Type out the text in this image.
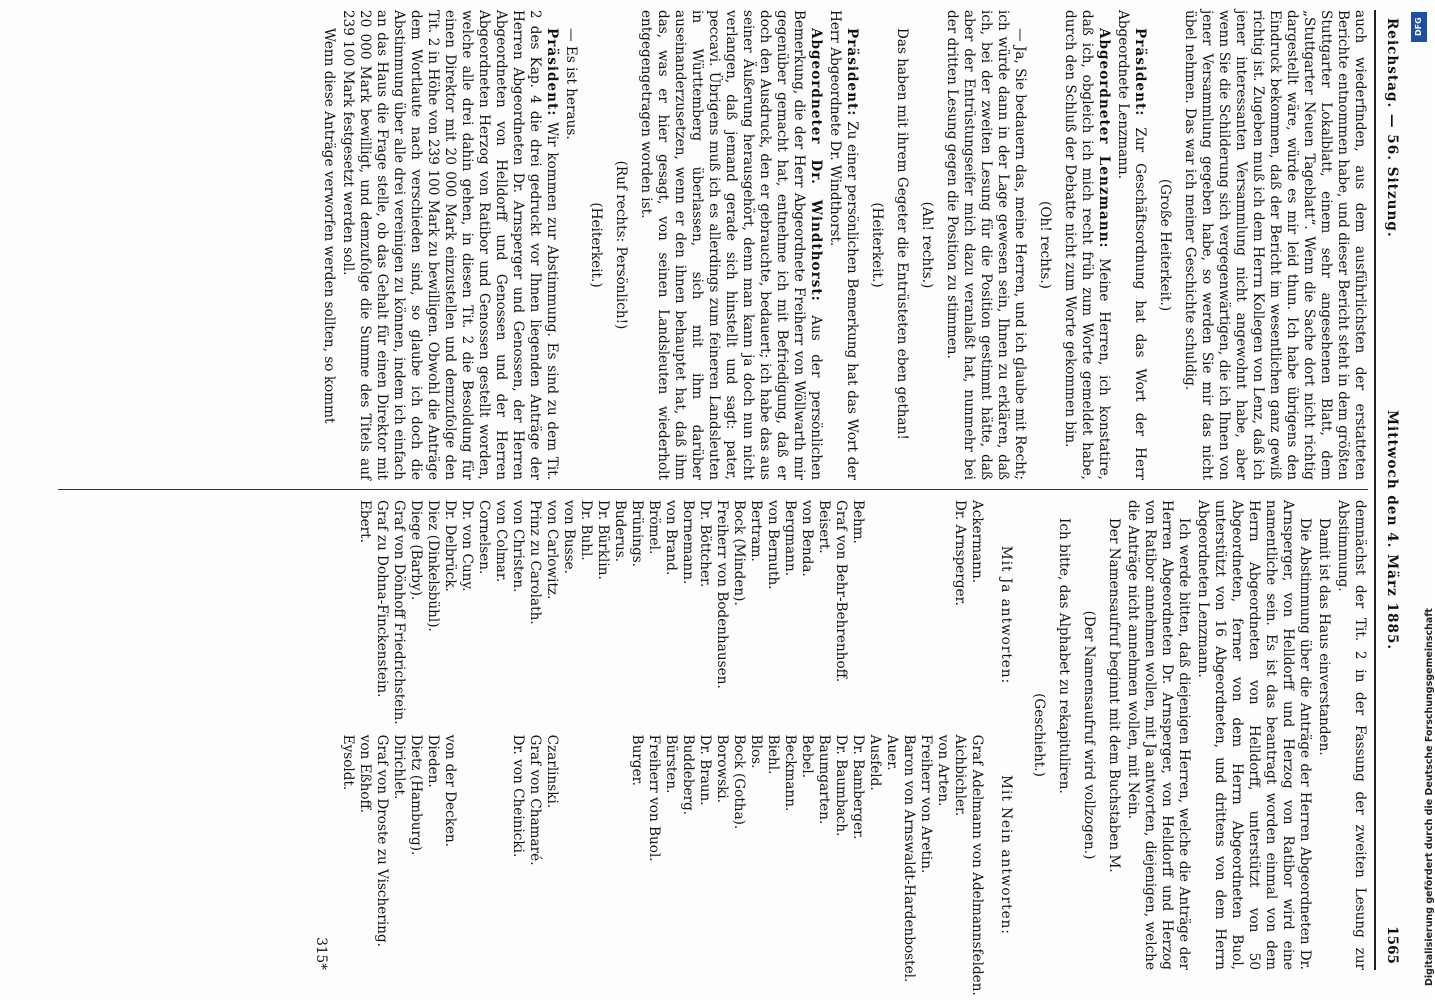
Reichstag. — 56. Sitzung.
Mittwoch den 4. März 1885.
1565

auch wiederfinden, aus dem ausführlichsten der erstatteten Berichte entnommen habe, und dieser Bericht steht in dem größten Stuttgarter Lokalblatt, einem sehr angesehenen Blatt, dem „Stuttgarter Neuen Tageblatt“. Wenn die Sache dort nicht richtig dargestellt wäre, würde es mir leid thun. Ich habe übrigens den Eindruck bekommen, daß der Bericht im wesentlichen ganz gewiß richtig ist. Zugeben muß ich dem Herrn Kollegen von Lenz, daß ich jener interessanten Versammlung nicht angewohnt habe, aber wenn Sie die Schilderung sich vergegenwärtigen, die ich Ihnen von jener Versammlung gegeben habe, so werden Sie mir das nicht übel nehmen. Das war ich meiner Geschichte schuldig.

(Große Heiterkeit.)

Präsident: Zur Geschäftsordnung hat das Wort der Herr Abgeordnete Lenzmann.

Abgeordneter Lenzmann: Meine Herren, ich konstatire, daß ich, obgleich ich mich recht früh zum Worte gemeldet habe, durch den Schluß der Debatte nicht zum Worte gekommen bin.

(Oh! rechts.)

— Ja, Sie bedauern das, meine Herren, und ich glaube mit Recht; ich würde dann in der Lage gewesen sein, Ihnen zu erklären, daß ich, bei der zweiten Lesung für die Position gestimmt hätte, daß aber der Entrüstungseifer mich dazu veranlaßt hat, nunmehr bei der dritten Lesung gegen die Position zu stimmen.

(Ah! rechts.)

Das haben mit ihrem Gegeter die Entrüsteten eben gethan!

(Heiterkeit.)

Präsident: Zu einer persönlichen Bemerkung hat das Wort der Herr Abgeordnete Dr. Windthorst.

Abgeordneter Dr. Windthorst: Aus der persönlichen Bemerkung, die der Herr Abgeordnete Freiherr von Wöllwarth mir gegenüber gemacht hat, entnehme ich mit Befriedigung, daß er doch den Ausdruck, den er gebrauchte, bedauert; ich habe das aus seiner Äußerung herausgehört, denn man kann ja doch nun nicht verlangen, daß jemand gerade sich hinstellt und sagt: pater, peccavi. Übrigens muß ich es allerdings zum feineren Landsleuten in Württemberg überlassen, sich mit ihm darüber auseinanderzusetzen, wenn er den ihnen behauptet hat, daß ihm das, was er hier gesagt, von seinen Landsleuten wiederholt entgegengetragen worden ist.

(Ruf rechts: Persönlich!)

(Heiterkeit.)

— Es ist heraus.

Präsident: Wir kommen zur Abstimmung. Es sind zu dem Tit. 2 des Kap. 4 die drei gedruckt vor Ihnen liegenden Anträge der Herren Abgeordneten Dr. Arnsperger und Genossen, der Herren Abgeordneten von Helldorff und Genossen und der Herren Abgeordneten Herzog von Ratibor und Genossen gestellt worden, welche alle drei dahin gehen, in diesen Tit. 2 die Besoldung für einen Direktor mit 20 000 Mark einzustellen und demzufolge den Tit. 2 in Höhe von 239 100 Mark zu bewilligen. Obwohl die Anträge dem Wortlaute nach verschieden sind, so glaube ich doch die Abstimmung über alle drei vereinigen zu können, indem ich einfach an das Haus die Frage stelle, ob das Gehalt für einen Direktor mit 20 000 Mark bewilligt, und demzufolge die Summe des Titels auf 239 100 Mark festgesetzt werden soll.

Wenn diese Anträge verworfen werden sollten, so kommt

demnächst der Tit. 2 in der Fassung der zweiten Lesung zur Abstimmung.

Damit ist das Haus einverstanden.

Die Abstimmung über die Anträge der Herren Abgeordneten Dr. Arnsperger, von Helldorff und Herzog von Ratibor wird eine namentliche sein. Es ist das beantragt worden einmal von dem Herrn Abgeordneten von Helldorff, unterstützt von 50 Abgeordneten, ferner von dem Herrn Abgeordneten Buol, unterstützt von 16 Abgeordneten, und drittens von dem Herrn Abgeordneten Lenzmann.

Ich werde bitten, daß diejenigen Herren, welche die Anträge der Herren Abgeordneten Dr. Arnsperger, von Helldorff und Herzog von Ratibor annehmen wollen, mit Ja antworten, diejenigen, welche die Anträge nicht annehmen wollen, mit Nein.

Der Namensaufruf beginnt mit dem Buchstaben M.

(Der Namensaufruf wird vollzogen.)

Ich bitte, das Alphabet zu rekapituliren.

(Geschieht.)

Mit Ja antworten:
Mit Nein antworten:
Ackermann.
Graf Adelmann von Adelmannsfelden.
Dr. Arnsperger.
Aichbichler.
von Arten.
Freiherr von Aretin.
Baron von Arnswaldt-Hardenbostel.
Auer.
Ausfeld.
Behm.
Dr. Bamberger.
Graf von Behr-Behrenhoff.
Dr. Baumbach.
Beisert.
Baumgarten.
von Benda.
Bebel.
Bergmann.
Beckmann.
von Bernuth.
Biehl.
Bertram.
Blos.
Bock (Minden).
Bock (Gotha).
Freiherr von Bodenhausen.
Borowski.
Dr. Böttcher.
Dr. Braun.
Bornemann.
Buddeberg.
von Brand.
Bürsten.
Brömel.
Freiherr von Buol.
Brünings.
Burger.
Buderus.
Dr. Bürklin.
Dr. Buhl.
von Busse.
von Carlowitz.
Czarlinski.
Prinz zu Carolath.
Graf von Chamaré.
von Christen.
Dr. von Cheinicki.
von Colmar.
Cornelsen.
Dr. von Cuny.
Dr. Delbrück.
von der Decken.
Diez (Dinkelsbühl).
Dieden.
Diege (Barby).
Dietz (Hamburg).
Graf von Dönhoff Friedrichstein.
Dirichlet.
Graf zu Dohna-Finckenstein.
Graf von Droste zu Vischering.
Ebert.
von Eßhoff.
Eysoldt.

315*	Digitalisierung gefördert durch die Deutsche Forschungsgemeinschaft
DFG
